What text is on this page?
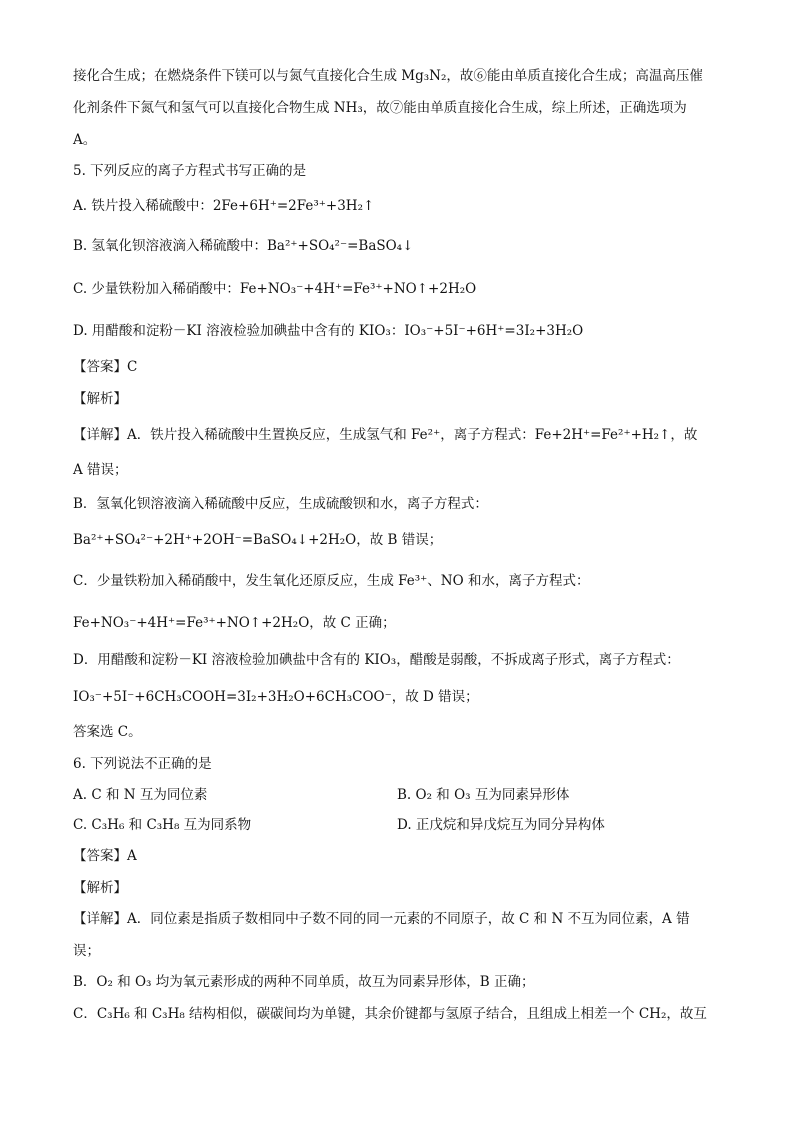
接化合生成；在燃烧条件下镁可以与氮气直接化合生成 Mg₃N₂，故⑥能由单质直接化合生成；高温高压催
化剂条件下氮气和氢气可以直接化合物生成 NH₃，故⑦能由单质直接化合生成，综上所述，正确选项为
A。
5. 下列反应的离子方程式书写正确的是
A. 铁片投入稀硫酸中：2Fe+6H⁺=2Fe³⁺+3H₂↑
B. 氢氧化钡溶液滴入稀硫酸中：Ba²⁺+SO₄²⁻=BaSO₄↓
C. 少量铁粉加入稀硝酸中：Fe+NO₃⁻+4H⁺=Fe³⁺+NO↑+2H₂O
D. 用醋酸和淀粉－KI 溶液检验加碘盐中含有的 KIO₃：IO₃⁻+5I⁻+6H⁺=3I₂+3H₂O
【答案】C
【解析】
【详解】A．铁片投入稀硫酸中生置换反应，生成氢气和 Fe²⁺，离子方程式：Fe+2H⁺=Fe²⁺+H₂↑，故
A 错误；
B．氢氧化钡溶液滴入稀硫酸中反应，生成硫酸钡和水，离子方程式：
Ba²⁺+SO₄²⁻+2H⁺+2OH⁻=BaSO₄↓+2H₂O，故 B 错误；
C．少量铁粉加入稀硝酸中，发生氧化还原反应，生成 Fe³⁺、NO 和水，离子方程式：
Fe+NO₃⁻+4H⁺=Fe³⁺+NO↑+2H₂O，故 C 正确；
D．用醋酸和淀粉－KI 溶液检验加碘盐中含有的 KIO₃，醋酸是弱酸，不拆成离子形式，离子方程式：
IO₃⁻+5I⁻+6CH₃COOH=3I₂+3H₂O+6CH₃COO⁻，故 D 错误；
答案选 C。
6. 下列说法不正确的是
A. C 和 N 互为同位素	B. O₂ 和 O₃ 互为同素异形体
C. C₃H₆ 和 C₃H₈ 互为同系物	D. 正戊烷和异戊烷互为同分异构体
【答案】A
【解析】
【详解】A．同位素是指质子数相同中子数不同的同一元素的不同原子，故 C 和 N 不互为同位素，A 错
误；
B．O₂ 和 O₃ 均为氧元素形成的两种不同单质，故互为同素异形体，B 正确；
C．C₃H₆ 和 C₃H₈ 结构相似，碳碳间均为单键，其余价键都与氢原子结合，且组成上相差一个 CH₂，故互
